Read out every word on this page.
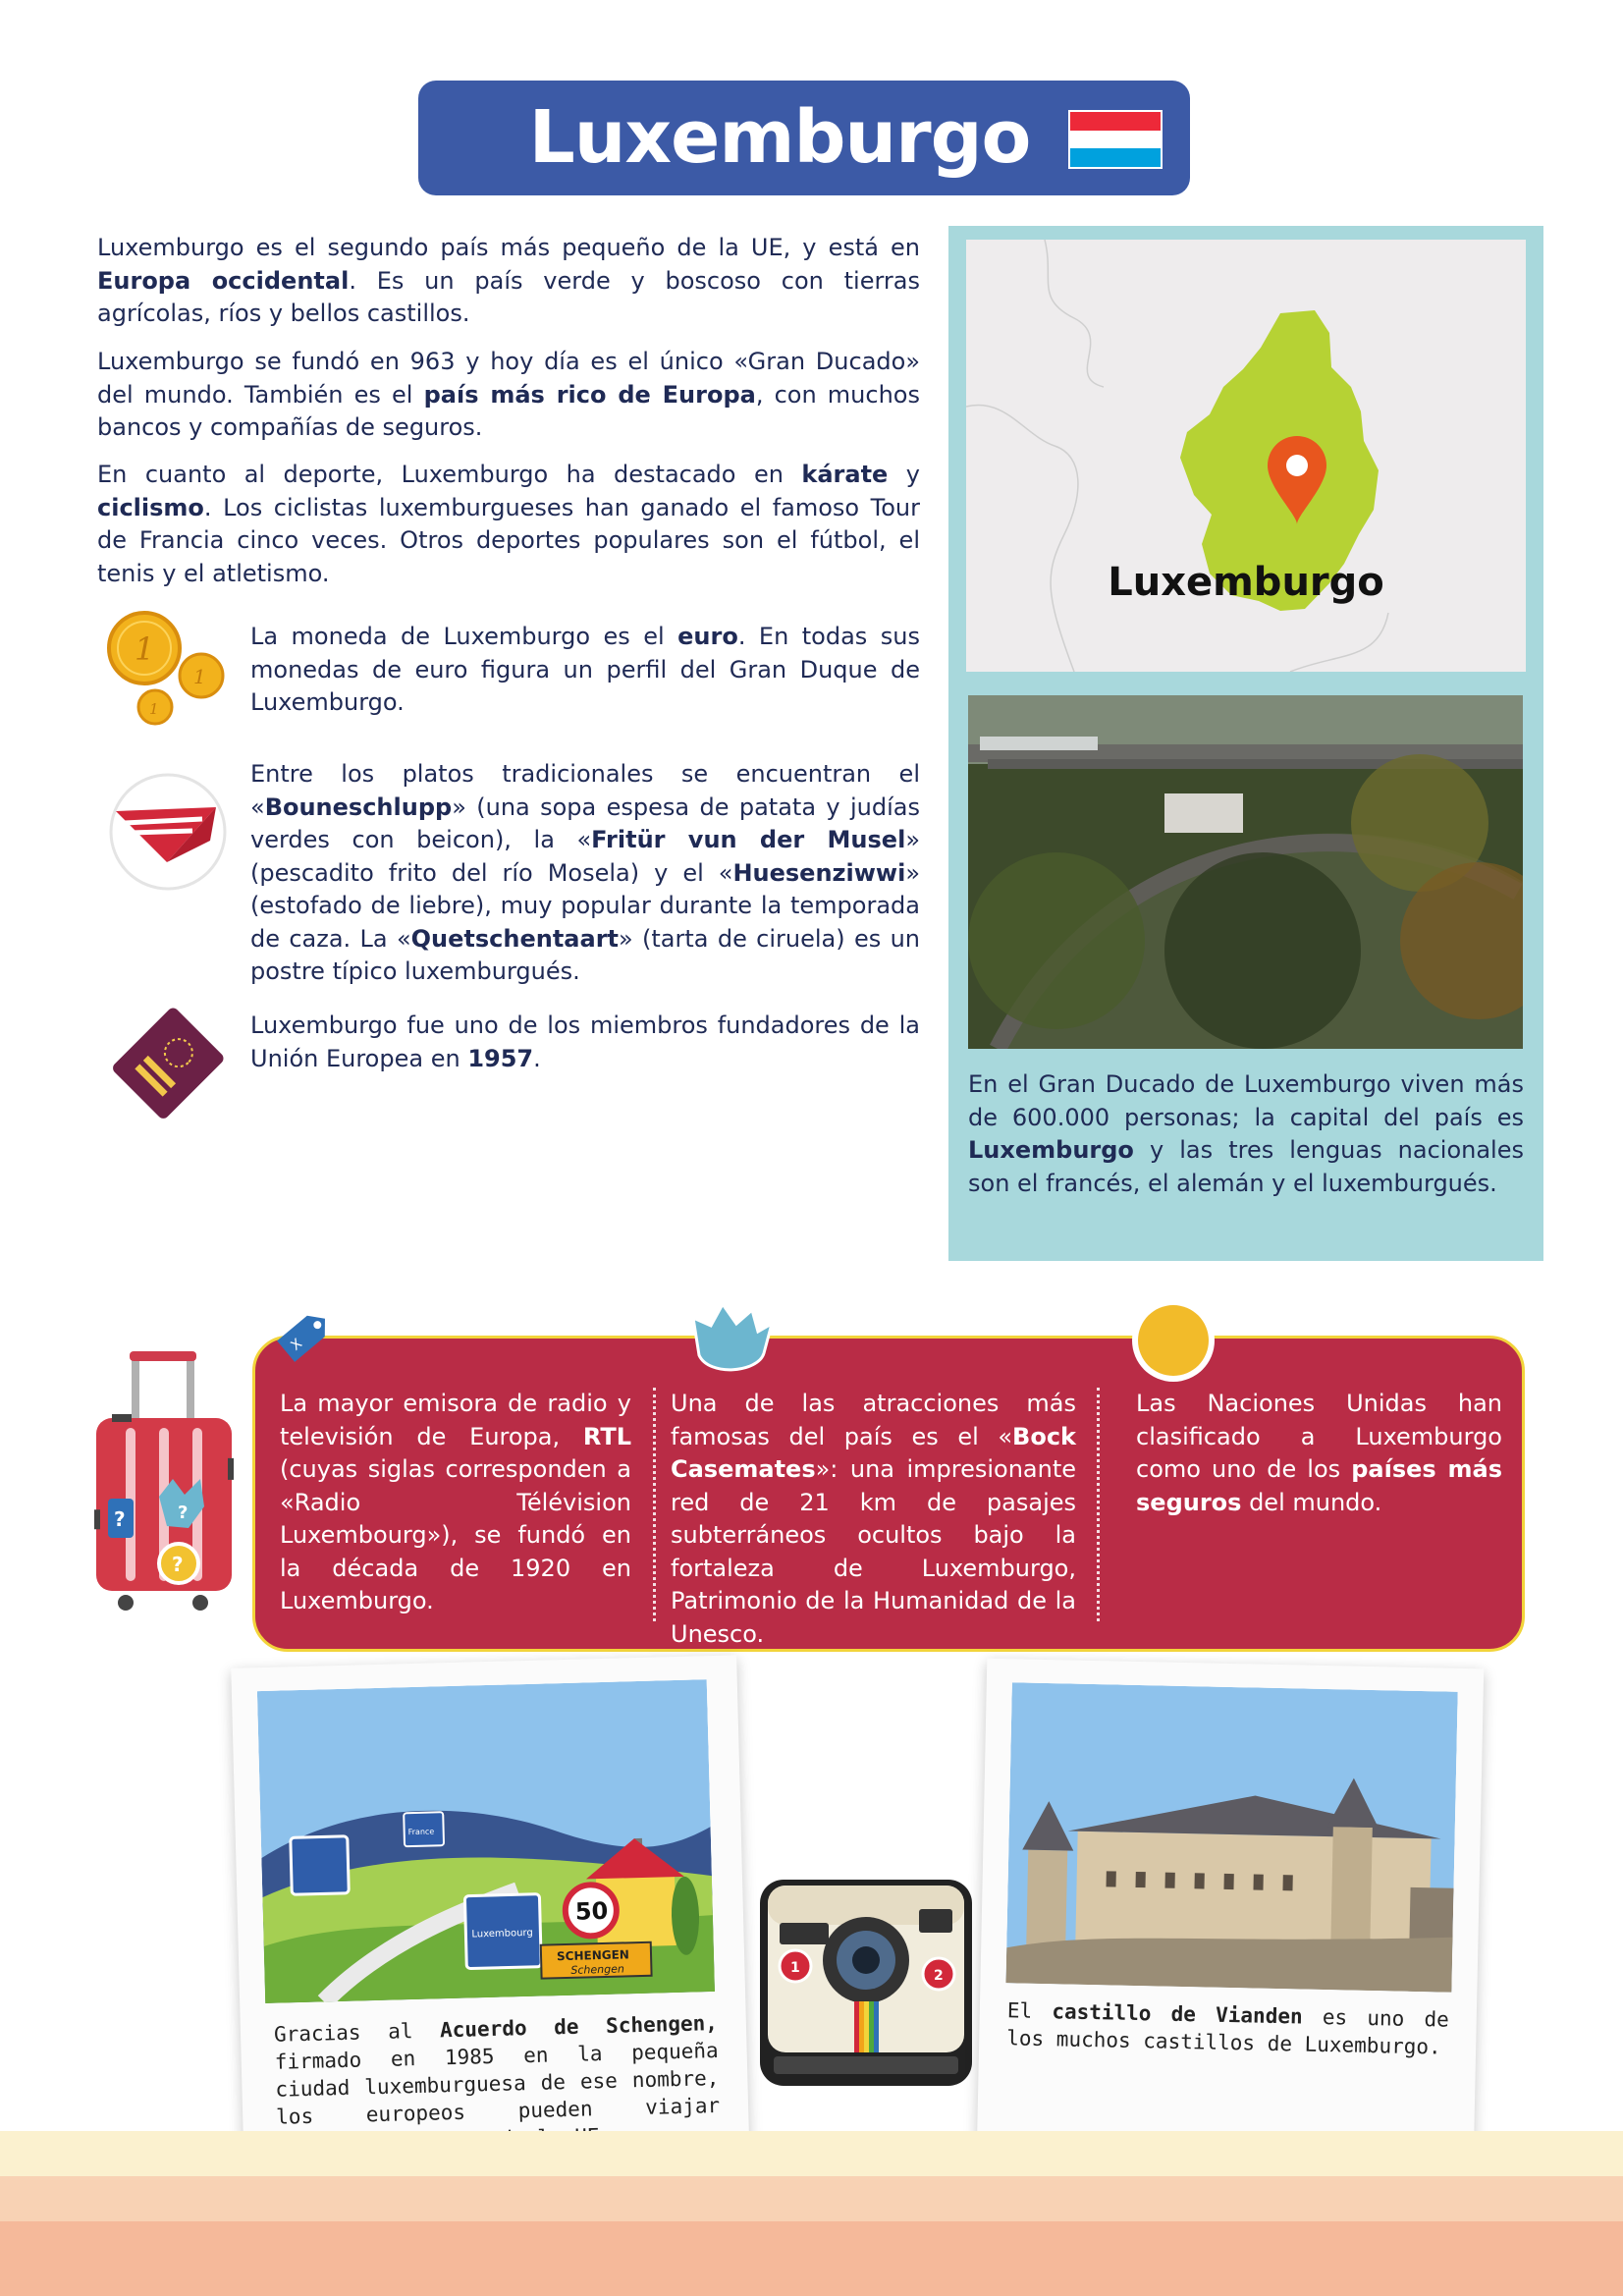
Luxemburgo
Luxemburgo es el segundo país más pequeño de la UE, y está en Europa occidental. Es un país verde y boscoso con tierras agrícolas, ríos y bellos castillos.
Luxemburgo se fundó en 963 y hoy día es el único «Gran Ducado» del mundo. También es el país más rico de Europa, con muchos bancos y compañías de seguros.
En cuanto al deporte, Luxemburgo ha destacado en kárate y ciclismo. Los ciclistas luxemburgueses han ganado el famoso Tour de Francia cinco veces. Otros deportes populares son el fútbol, el tenis y el atletismo.
1
1
1
La moneda de Luxemburgo es el euro. En todas sus monedas de euro figura un perfil del Gran Duque de Luxemburgo.
Entre los platos tradicionales se encuentran el «Bouneschlupp» (una sopa espesa de patata y judías verdes con beicon), la «Fritür vun der Musel» (pescadito frito del río Mosela) y el «Huesenziwwi» (estofado de liebre), muy popular durante la temporada de caza. La «Quetschentaart» (tarta de ciruela) es un postre típico luxemburgués.
Luxemburgo fue uno de los miembros fundadores de la Unión Europea en 1957.
Luxemburgo
En el Gran Ducado de Luxemburgo viven más de 600.000 personas; la capital del país es Luxemburgo y las tres lenguas nacionales son el francés, el alemán y el luxemburgués.
?	?
?
La mayor emisora de radio y televisión de Europa, RTL (cuyas siglas corresponden a «Radio Télévision Luxembourg»), se fundó en la década de 1920 en Luxemburgo.
Una de las atracciones más famosas del país es el «Bock Casemates»: una impresionante red de 21 km de pasajes subterráneos ocultos bajo la fortaleza de Luxemburgo, Patrimonio de la Humanidad de la Unesco.
Las Naciones Unidas han clasificado a Luxemburgo como uno de los países más seguros del mundo.
X
France
Luxembourg
50
SCHENGEN
Schengen
Gracias al Acuerdo de Schengen, firmado en 1985 en la pequeña ciudad luxemburguesa de ese nombre, los europeos pueden viajar
1	2
El castillo de Vianden es uno de los muchos castillos de Luxemburgo.
